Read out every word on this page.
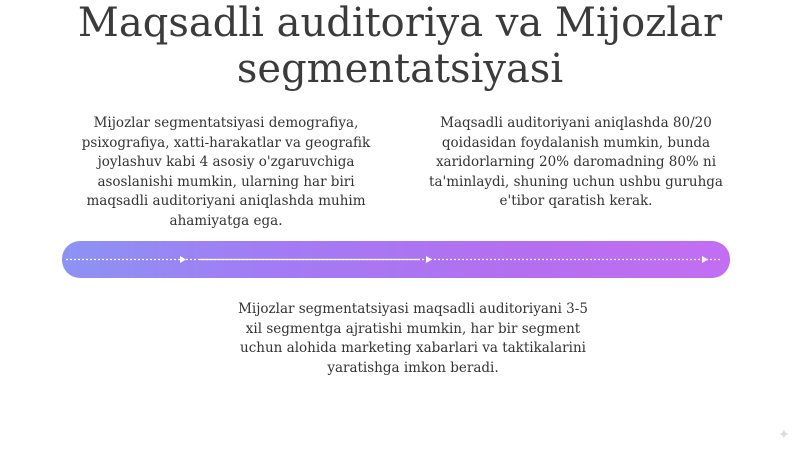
Maqsadli auditoriya va Mijozlar segmentatsiyasi
Mijozlar segmentatsiyasi demografiya, psixografiya, xatti-harakatlar va geografik joylashuv kabi 4 asosiy o'zgaruvchiga asoslanishi mumkin, ularning har biri maqsadli auditoriyani aniqlashda muhim ahamiyatga ega.
Maqsadli auditoriyani aniqlashda 80/20 qoidasidan foydalanish mumkin, bunda xaridorlarning 20% daromadning 80% ni ta'minlaydi, shuning uchun ushbu guruhga e'tibor qaratish kerak.
Mijozlar segmentatsiyasi maqsadli auditoriyani 3-5 xil segmentga ajratishi mumkin, har bir segment uchun alohida marketing xabarlari va taktikalarini yaratishga imkon beradi.
✦
